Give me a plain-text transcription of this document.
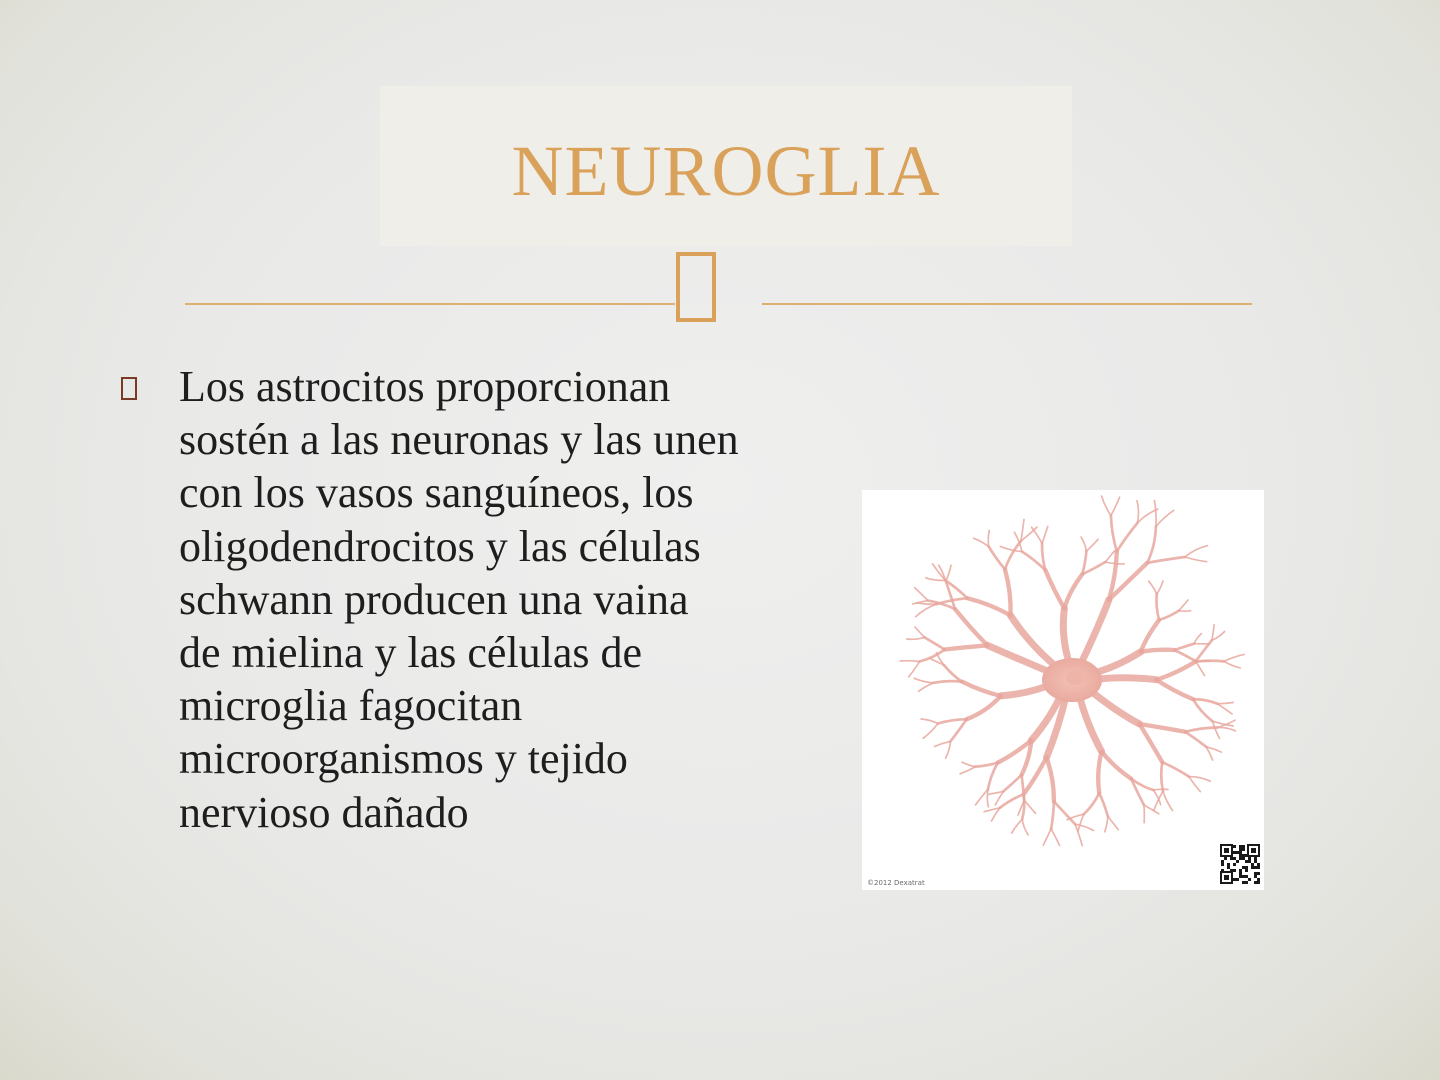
NEUROGLIA

Los astrocitos proporcionan sostén a las neuronas y las unen con los vasos sanguíneos, los oligodendrocitos y las células schwann producen una vaina de mielina y las células de microglia fagocitan microorganismos y tejido nervioso dañado

©2012 Dexatrat
